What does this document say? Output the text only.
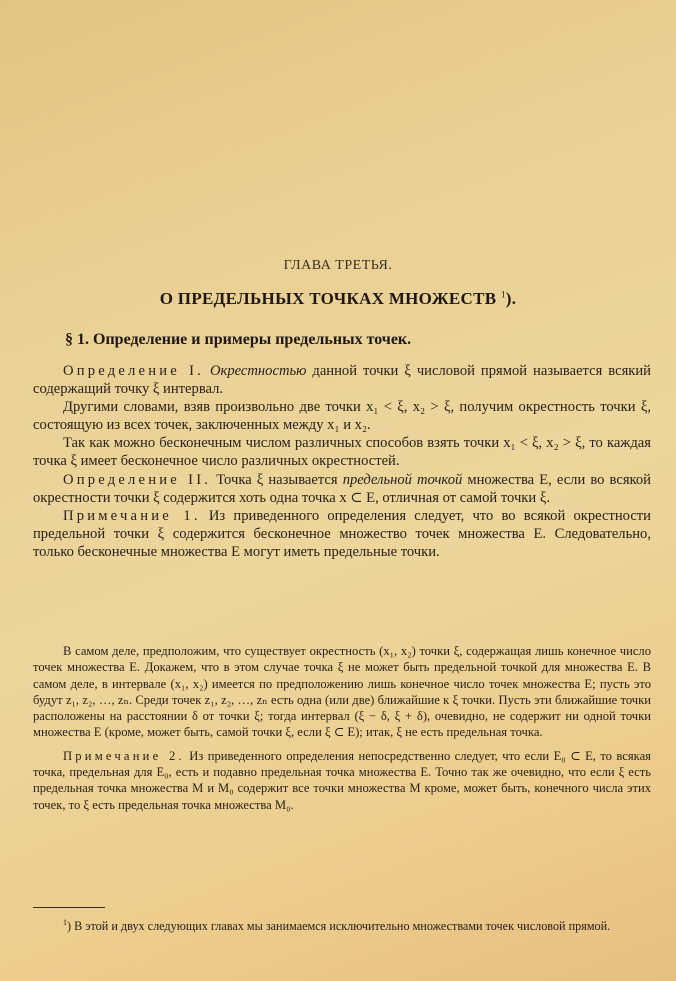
ГЛАВА ТРЕТЬЯ.
О ПРЕДЕЛЬНЫХ ТОЧКАХ МНОЖЕСТВ $^1$).
§ 1. Определение и примеры предельных точек.

Определение I. Окрестностью данной точки ξ числовой прямой называется всякий содержащий точку ξ интервал.

Другими словами, взяв произвольно две точки x₁ < ξ, x₂ > ξ, получим окрестность точки ξ, состоящую из всех точек, заключенных между x₁ и x₂.

Так как можно бесконечным числом различных способов взять точки x₁ < ξ, x₂ > ξ, то каждая точка ξ имеет бесконечное число различных окрестностей.

Определение II. Точка ξ называется предельной точкой множества E, если во всякой окрестности точки ξ содержится хоть одна точка x ⊂ E, отличная от самой точки ξ.

Примечание 1. Из приведенного определения следует, что во всякой окрестности предельной точки ξ содержится бесконечное множество точек множества E. Следовательно, только бесконечные множества E могут иметь предельные точки.

В самом деле, предположим, что существует окрестность (x₁, x₂) точки ξ, содержащая лишь конечное число точек множества E. Докажем, что в этом случае точка ξ не может быть предельной точкой для множества E. В самом деле, в интервале (x₁, x₂) имеется по предположению лишь конечное число точек множества E; пусть это будут z₁, z₂, …, zₙ. Среди точек z₁, z₂, …, zₙ есть одна (или две) ближайшие к ξ точки. Пусть эти ближайшие точки расположены на расстоянии δ от точки ξ; тогда интервал (ξ − δ, ξ + δ), очевидно, не содержит ни одной точки множества E (кроме, может быть, самой точки ξ, если ξ ⊂ E); итак, ξ не есть предельная точка.

Примечание 2. Из приведенного определения непосредственно следует, что если E₀ ⊂ E, то всякая точка, предельная для E₀, есть и подавно предельная точка множества E. Точно так же очевидно, что если ξ есть предельная точка множества M и M₀ содержит все точки множества M кроме, может быть, конечного числа этих точек, то ξ есть предельная точка множества M₀.

$^1$) В этой и двух следующих главах мы занимаемся исключительно множествами точек числовой прямой.
